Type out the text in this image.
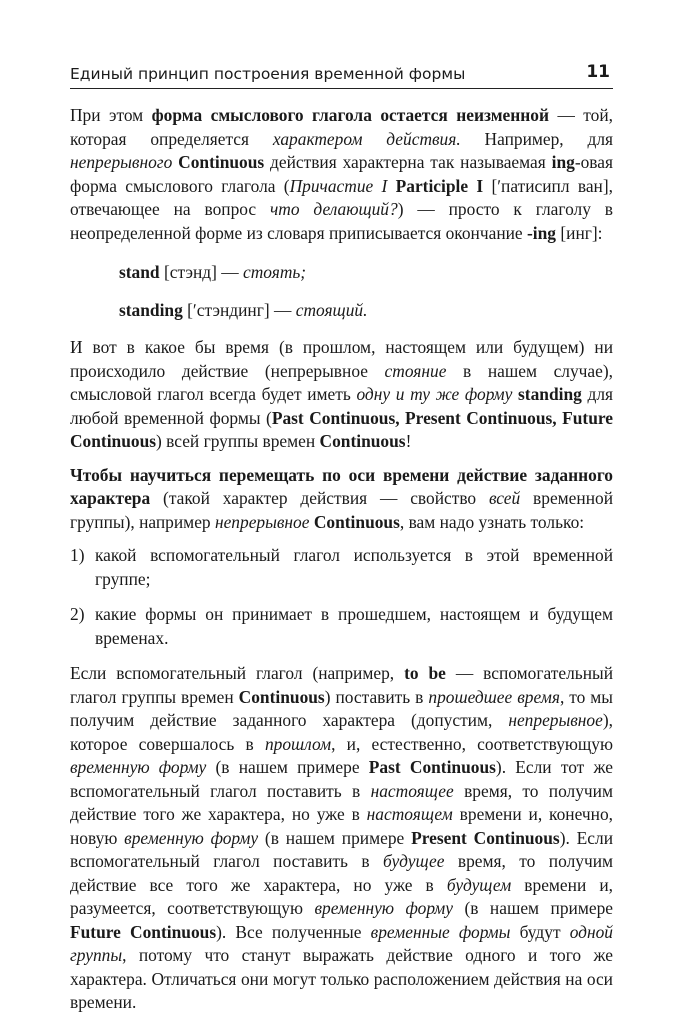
Единый принцип построения временной формы	11

При этом форма смыслового глагола остается неизменной — той, которая определяется характером действия. Например, для непрерывного Continuous действия характерна так называемая ing-овая форма смыслового глагола (Причастие I Participle I [ʹпатисипл ван], отвечающее на вопрос что делающий?) — просто к глаголу в неопределенной форме из словаря приписывается окончание -ing [инг]:

stand [стэнд] — стоять;

standing [ʹстэндинг] — стоящий.

И вот в какое бы время (в прошлом, настоящем или будущем) ни происходило действие (непрерывное стояние в нашем случае), смысловой глагол всегда будет иметь одну и ту же форму standing для любой временной формы (Past Continuous, Present Continuous, Future Continuous) всей группы времен Continuous!

Чтобы научиться перемещать по оси времени действие заданного характера (такой характер действия — свойство всей временной группы), например непрерывное Continuous, вам надо узнать только:

1) какой вспомогательный глагол используется в этой временной группе;
2) какие формы он принимает в прошедшем, настоящем и будущем временах.

Если вспомогательный глагол (например, to be — вспомогательный глагол группы времен Continuous) поставить в прошедшее время, то мы получим действие заданного характера (допустим, непрерывное), которое совершалось в прошлом, и, естественно, соответствующую временную форму (в нашем примере Past Continuous). Если тот же вспомогательный глагол поставить в настоящее время, то получим действие того же характера, но уже в настоящем времени и, конечно, новую временную форму (в нашем примере Present Continuous). Если вспомогательный глагол поставить в будущее время, то получим действие все того же характера, но уже в будущем времени и, разумеется, соответствующую временную форму (в нашем примере Future Continuous). Все полученные временные формы будут одной группы, потому что станут выражать действие одного и того же характера. Отличаться они могут только расположением действия на оси времени.
